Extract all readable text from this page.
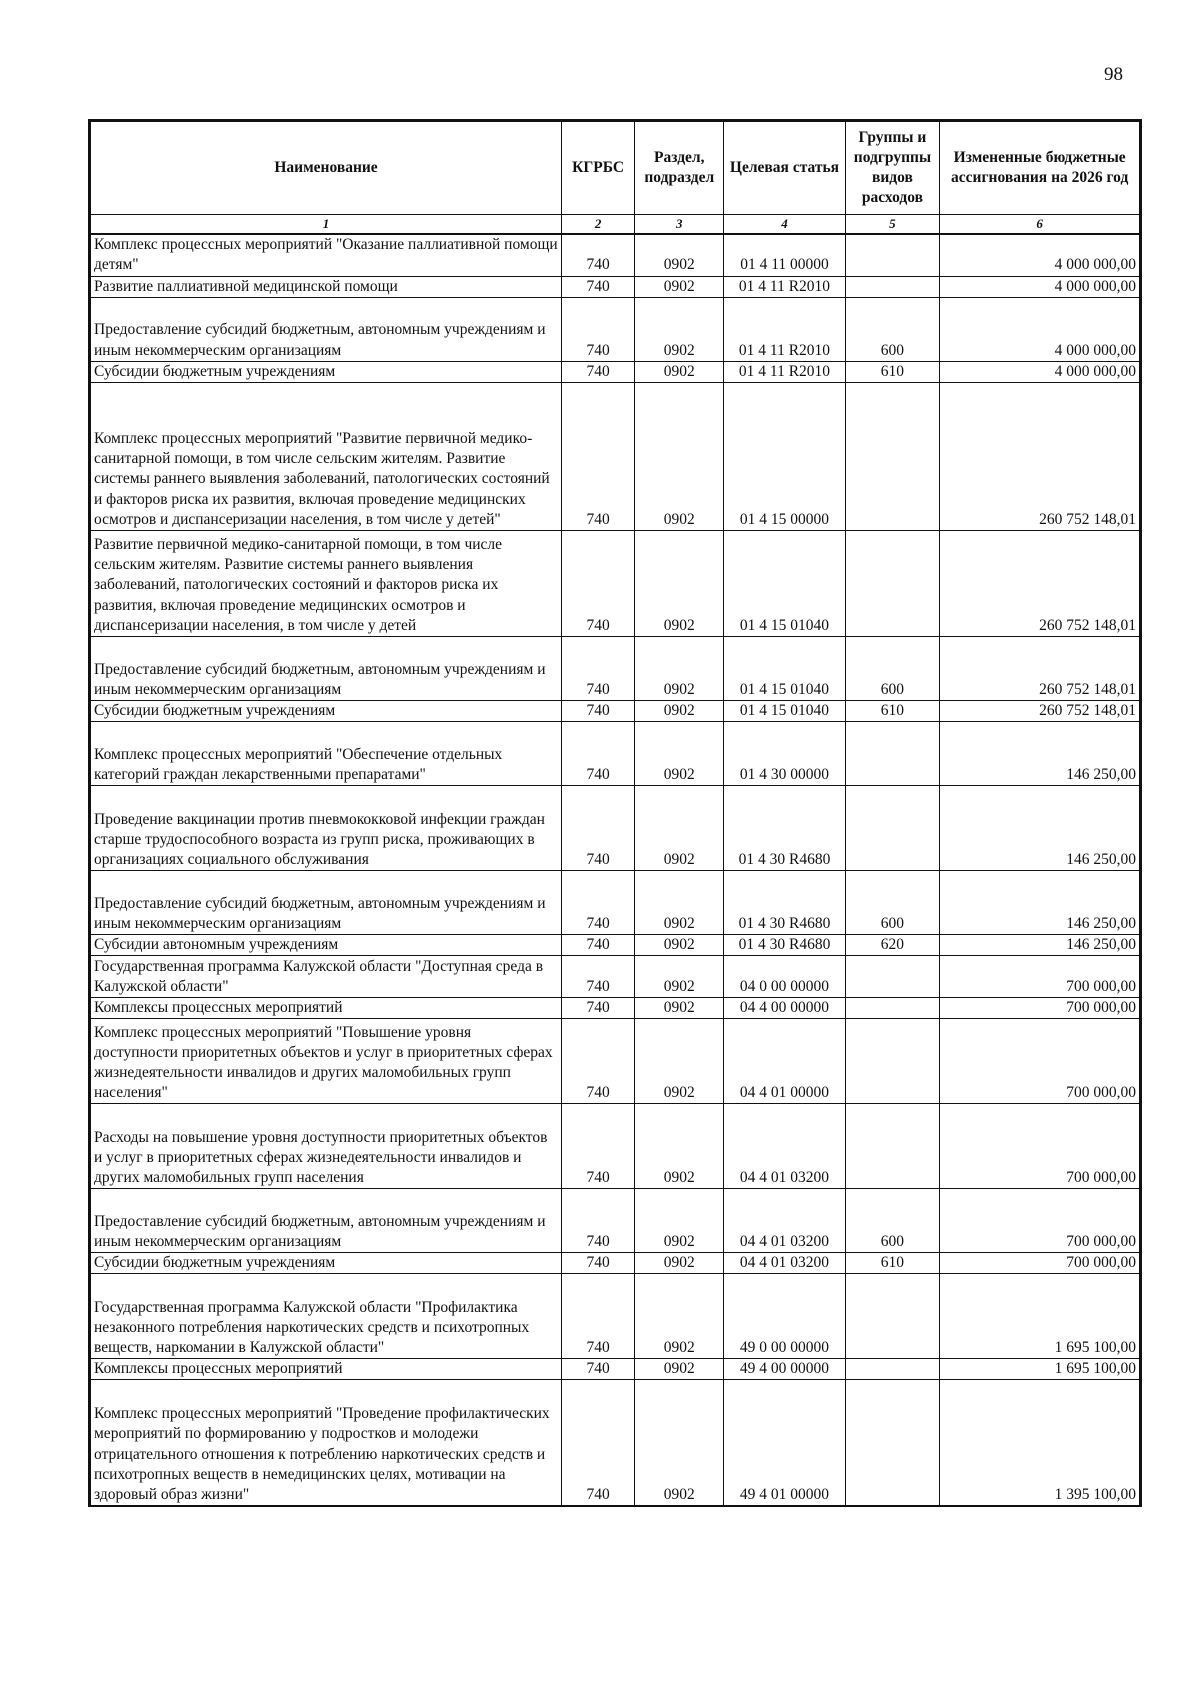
98
Наименование	КГРБС	Раздел, подраздел	Целевая статья	Группы и подгруппы видов расходов	Измененные бюджетные ассигнования на 2026 год
1	2	3	4	5	6
Комплекс процессных мероприятий "Оказание паллиативной помощи детям"	740	0902	01 4 11 00000		4 000 000,00
Развитие паллиативной медицинской помощи	740	0902	01 4 11 R2010		4 000 000,00
Предоставление субсидий бюджетным, автономным учреждениям и иным некоммерческим организациям	740	0902	01 4 11 R2010	600	4 000 000,00
Субсидии бюджетным учреждениям	740	0902	01 4 11 R2010	610	4 000 000,00
Комплекс процессных мероприятий "Развитие первичной медико-санитарной помощи, в том числе сельским жителям. Развитие системы раннего выявления заболеваний, патологических состояний и факторов риска их развития, включая проведение медицинских осмотров и диспансеризации населения, в том числе у детей"	740	0902	01 4 15 00000		260 752 148,01
Развитие первичной медико-санитарной помощи, в том числе сельским жителям. Развитие системы раннего выявления заболеваний, патологических состояний и факторов риска их развития, включая проведение медицинских осмотров и диспансеризации населения, в том числе у детей	740	0902	01 4 15 01040		260 752 148,01
Предоставление субсидий бюджетным, автономным учреждениям и иным некоммерческим организациям	740	0902	01 4 15 01040	600	260 752 148,01
Субсидии бюджетным учреждениям	740	0902	01 4 15 01040	610	260 752 148,01
Комплекс процессных мероприятий "Обеспечение отдельных категорий граждан лекарственными препаратами"	740	0902	01 4 30 00000		146 250,00
Проведение вакцинации против пневмококковой инфекции граждан старше трудоспособного возраста из групп риска, проживающих в организациях социального обслуживания	740	0902	01 4 30 R4680		146 250,00
Предоставление субсидий бюджетным, автономным учреждениям и иным некоммерческим организациям	740	0902	01 4 30 R4680	600	146 250,00
Субсидии автономным учреждениям	740	0902	01 4 30 R4680	620	146 250,00
Государственная программа Калужской области "Доступная среда в Калужской области"	740	0902	04 0 00 00000		700 000,00
Комплексы процессных мероприятий	740	0902	04 4 00 00000		700 000,00
Комплекс процессных мероприятий "Повышение уровня доступности приоритетных объектов и услуг в приоритетных сферах жизнедеятельности инвалидов и других маломобильных групп населения"	740	0902	04 4 01 00000		700 000,00
Расходы на повышение уровня доступности приоритетных объектов и услуг в приоритетных сферах жизнедеятельности инвалидов и других маломобильных групп населения	740	0902	04 4 01 03200		700 000,00
Предоставление субсидий бюджетным, автономным учреждениям и иным некоммерческим организациям	740	0902	04 4 01 03200	600	700 000,00
Субсидии бюджетным учреждениям	740	0902	04 4 01 03200	610	700 000,00
Государственная программа Калужской области "Профилактика незаконного потребления наркотических средств и психотропных веществ, наркомании в Калужской области"	740	0902	49 0 00 00000		1 695 100,00
Комплексы процессных мероприятий	740	0902	49 4 00 00000		1 695 100,00
Комплекс процессных мероприятий "Проведение профилактических мероприятий по формированию у подростков и молодежи отрицательного отношения к потреблению наркотических средств и психотропных веществ в немедицинских целях, мотивации на здоровый образ жизни"	740	0902	49 4 01 00000		1 395 100,00
